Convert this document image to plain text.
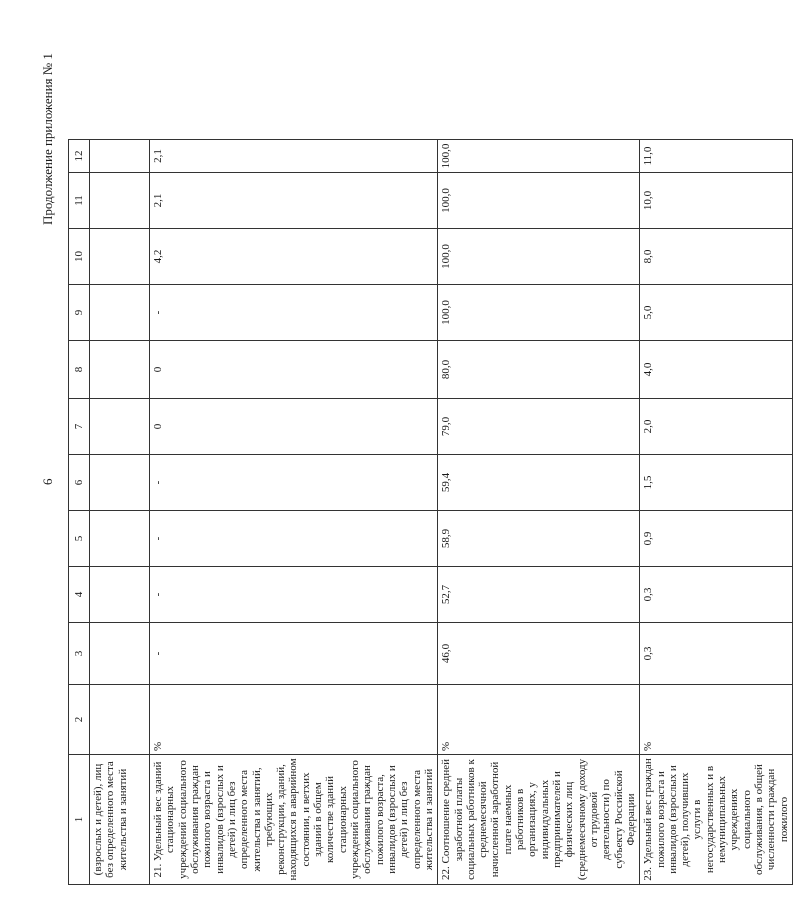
6
Продолжение приложения № 1
1	2	3	4	5	6	7	8	9	10	11	12
(взрослых и детей), лиц без определенного места жительства и занятий											
21. Удельный вес зданий стационарных учреждений социального обслуживания граждан пожилого возраста и инвалидов (взрослых и детей) и лиц без определенного места жительства и занятий, требующих реконструкции, зданий, находящихся в аварийном состоянии, и ветхих зданий в общем количестве зданий стационарных учреждений социального обслуживания граждан пожилого возраста, инвалидов (взрослых и детей) и лиц без определенного места жительства и занятий	%	-	-	-	-	0	0	-	4,2	2,1	2,1
22. Соотношение средней заработной платы социальных работников к среднемесячной начисленной заработной плате наемных работников в организациях, у индивидуальных предпринимателей и физических лиц (среднемесячному доходу от трудовой деятельности) по субъекту Российской Федерации	%	46,0	52,7	58,9	59,4	79,0	80,0	100,0	100,0	100,0	100,0
23. Удельный вес граждан пожилого возраста и инвалидов (взрослых и детей), получивших услуги в негосударственных и в немуниципальных учреждениях социального обслуживания, в общей численности граждан пожилого	%	0,3	0,3	0,9	1,5	2,0	4,0	5,0	8,0	10,0	11,0
